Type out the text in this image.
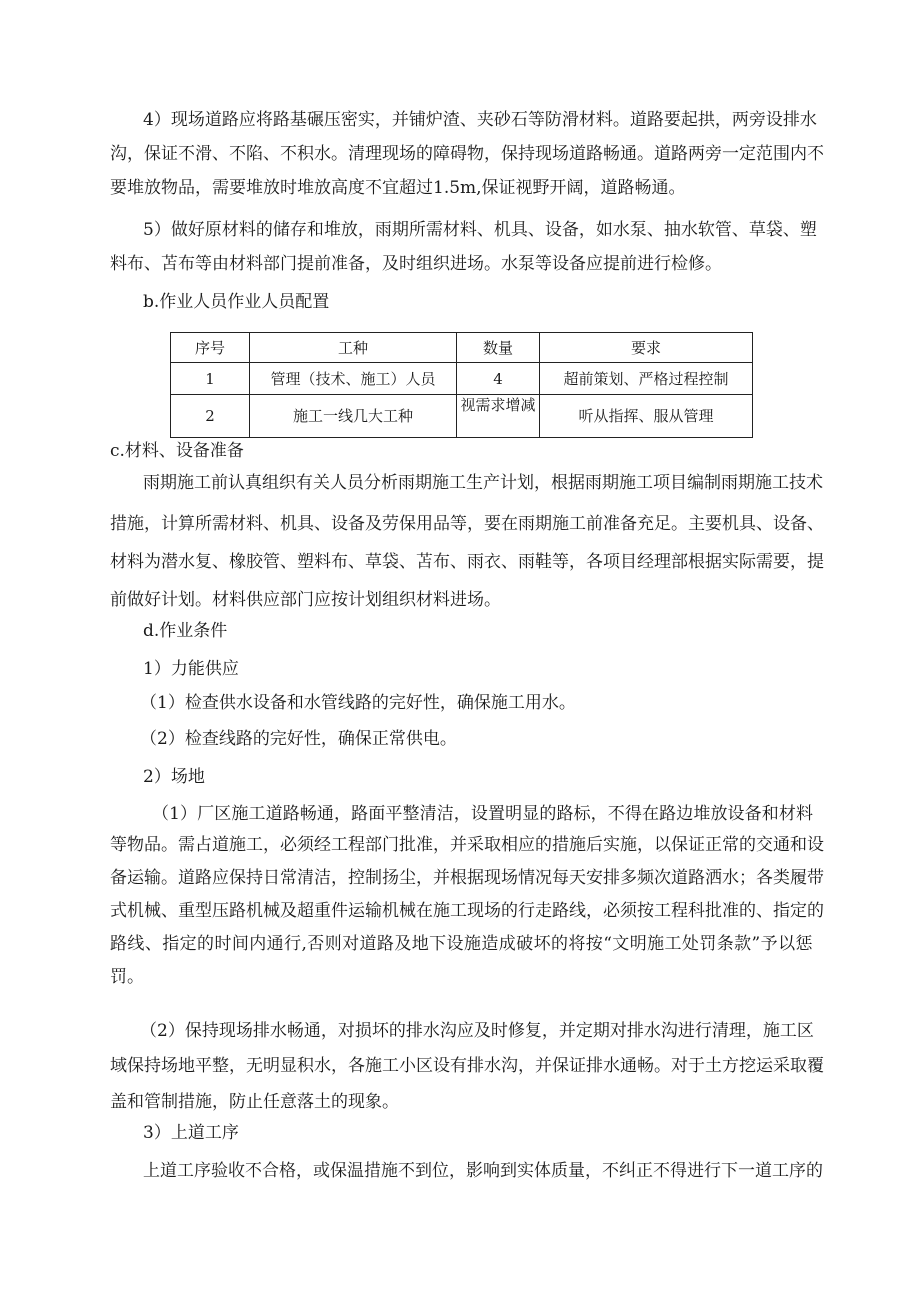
4 ） 现 场 道 路 应 将 路 基 碾 压 密 实 ， 并 铺 炉 渣 、 夹 砂 石 等 防 滑 材 料 。 道 路 要 起 拱 ， 两 旁 设 排 水
沟 ， 保 证 不 滑 、 不 陷 、 不 积 水 。 清 理 现 场 的 障 碍 物 ， 保 持 现 场 道 路 畅 通 。 道 路 两 旁 一 定 范 围 内 不
要堆放物品，需要堆放时堆放高度不宜超过1.5m,保证视野开阔，道路畅通。
5 ） 做 好 原 材 料 的 储 存 和 堆 放 ， 雨 期 所 需 材 料 、 机 具 、 设 备 ， 如 水 泵 、 抽 水 软 管 、 草 袋 、 塑
料布、苫布等由材料部门提前准备，及时组织进场。水泵等设备应提前进行检修。
b.作业人员作业人员配置
序号	工种	数量	要求
1	管理（技术、施工）人员	4	超前策划、严格过程控制
2	施工一线几大工种	视需求增减	听从指挥、服从管理
c.材料、设备准备
雨 期 施 工 前 认 真 组 织 有 关 人 员 分 析 雨 期 施 工 生 产 计 划 ， 根 据 雨 期 施 工 项 目 编 制 雨 期 施 工 技 术
措 施 ， 计 算 所 需 材 料 、 机 具 、 设 备 及 劳 保 用 品 等 ， 要 在 雨 期 施 工 前 准 备 充 足 。 主 要 机 具 、 设 备 、
材 料 为 潜 水 复 、 橡 胶 管 、 塑 料 布 、 草 袋 、 苫 布 、 雨 衣 、 雨 鞋 等 ， 各 项 目 经 理 部 根 据 实 际 需 要 ， 提
前做好计划。材料供应部门应按计划组织材料进场。
d.作业条件
1）力能供应
（1）检查供水设备和水管线路的完好性，确保施工用水。
（2）检查线路的完好性，确保正常供电。
2）场地
（ 1 ） 厂 区 施 工 道 路 畅 通 ， 路 面 平 整 清 洁 ， 设 置 明 显 的 路 标 ， 不 得 在 路 边 堆 放 设 备 和 材 料
等 物 品 。 需 占 道 施 工 ， 必 须 经 工 程 部 门 批 准 ， 并 采 取 相 应 的 措 施 后 实 施 ， 以 保 证 正 常 的 交 通 和 设
备 运 输 。 道 路 应 保 持 日 常 清 洁 ， 控 制 扬 尘 ， 并 根 据 现 场 情 况 每 天 安 排 多 频 次 道 路 洒 水 ； 各 类 履 带
式 机 械 、 重 型 压 路 机 械 及 超 重 件 运 输 机 械 在 施 工 现 场 的 行 走 路 线 ， 必 须 按 工 程 科 批 准 的 、 指 定 的
路 线 、 指 定 的 时 间 内 通 行 , 否 则 对 道 路 及 地 下 设 施 造 成 破 坏 的 将 按 “ 文 明 施 工 处 罚 条 款 ” 予 以 惩
罚。
（ 2 ） 保 持 现 场 排 水 畅 通 ， 对 损 坏 的 排 水 沟 应 及 时 修 复 ， 并 定 期 对 排 水 沟 进 行 清 理 ， 施 工 区
域 保 持 场 地 平 整 ， 无 明 显 积 水 ， 各 施 工 小 区 设 有 排 水 沟 ， 并 保 证 排 水 通 畅 。 对 于 土 方 挖 运 采 取 覆
盖和管制措施，防止任意落土的现象。
3）上道工序
上 道 工 序 验 收 不 合 格 ， 或 保 温 措 施 不 到 位 ， 影 响 到 实 体 质 量 ， 不 纠 正 不 得 进 行 下 一 道 工 序 的
